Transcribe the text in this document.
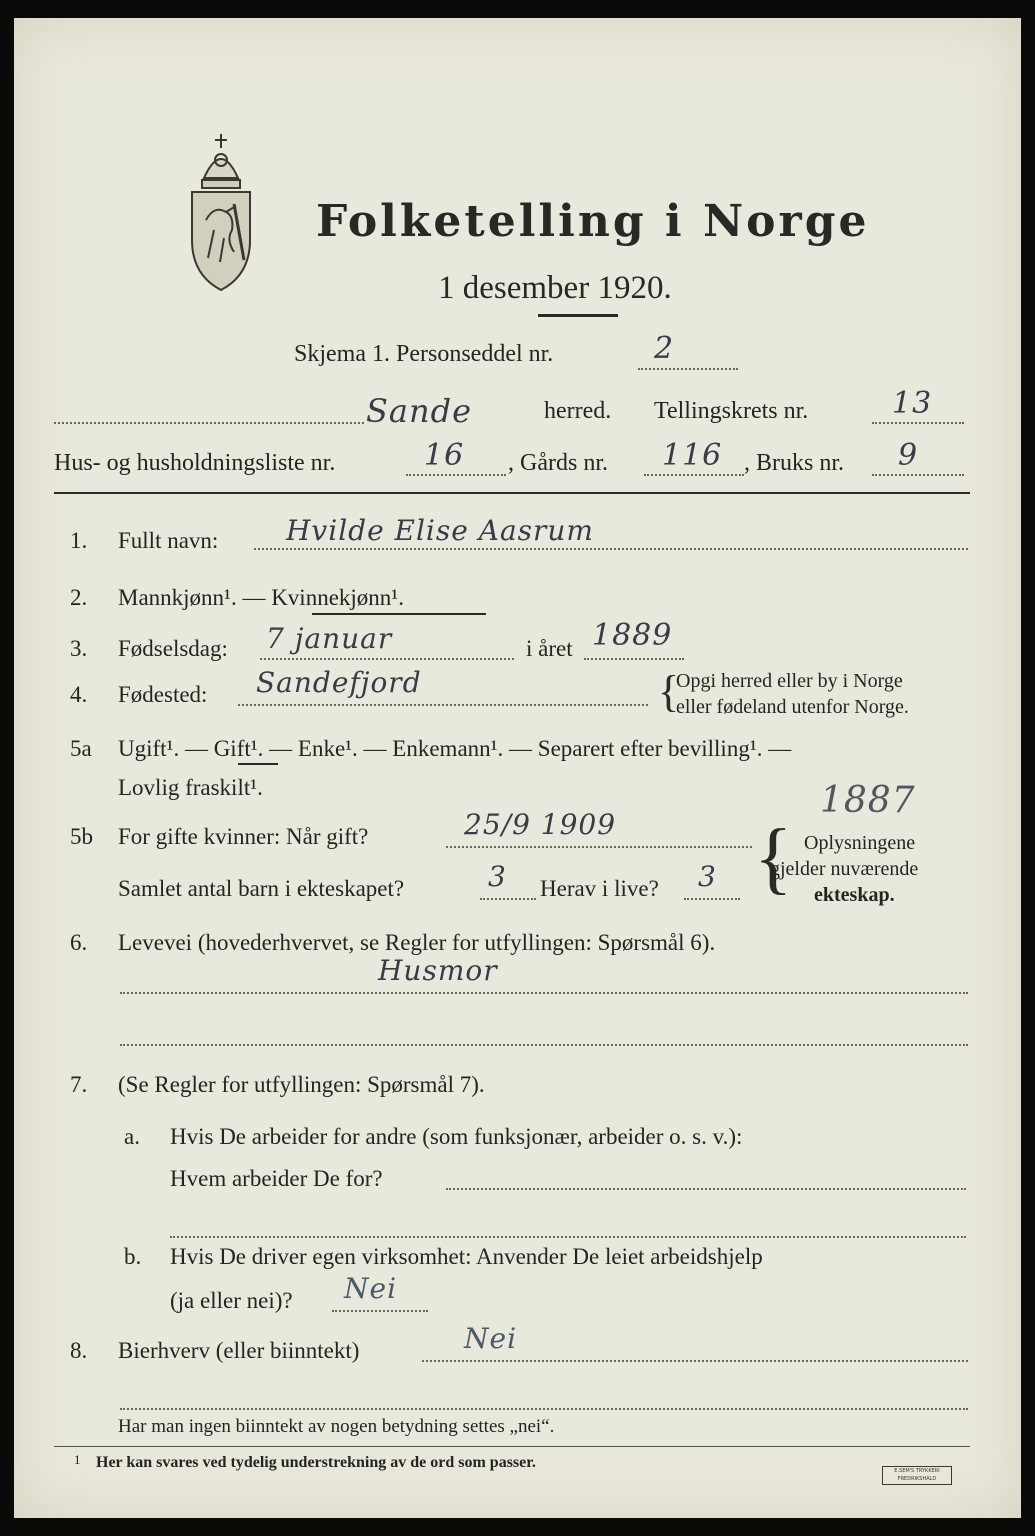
Folketelling i Norge
1 desember 1920.
Skjema 1. Personseddel nr.	2
Sande	herred. Tellingskrets nr.	13
Hus- og husholdningsliste nr.	16 , Gårds nr. 116 , Bruks nr. 9
1. Fullt navn: Hvilde Elise Aasrum
2. Mannkjønn¹. — Kvinnekjønn¹.
3. Fødselsdag: 7 januar	i året 1889
4. Fødested: Sandefjord	{
Opgi herred eller by i Norge
eller fødeland utenfor Norge.
5a Ugift¹. — Gift¹. — Enke¹. — Enkemann¹. — Separert efter bevilling¹. —
Lovlig fraskilt¹.
5b For gifte kvinner: Når gift?	25/9 1909
1887
Samlet antal barn i ekteskapet?	3 Herav i live? 3 { Oplysningene
gjelder nuværende
ekteskap.
6. Levevei (hovederhvervet, se Regler for utfyllingen: Spørsmål 6).
Husmor
7. (Se Regler for utfyllingen: Spørsmål 7).
a. Hvis De arbeider for andre (som funksjonær, arbeider o. s. v.):
Hvem arbeider De for?
b. Hvis De driver egen virksomhet: Anvender De leiet arbeidshjelp
(ja eller nei)? Nei
8. Bierhverv (eller biinntekt)	Nei
Har man ingen biinntekt av nogen betydning settes „nei“.
1 Her kan svares ved tydelig understrekning av de ord som passer.	E.SEM'S TRYKKERI FREDRIKSHALD
